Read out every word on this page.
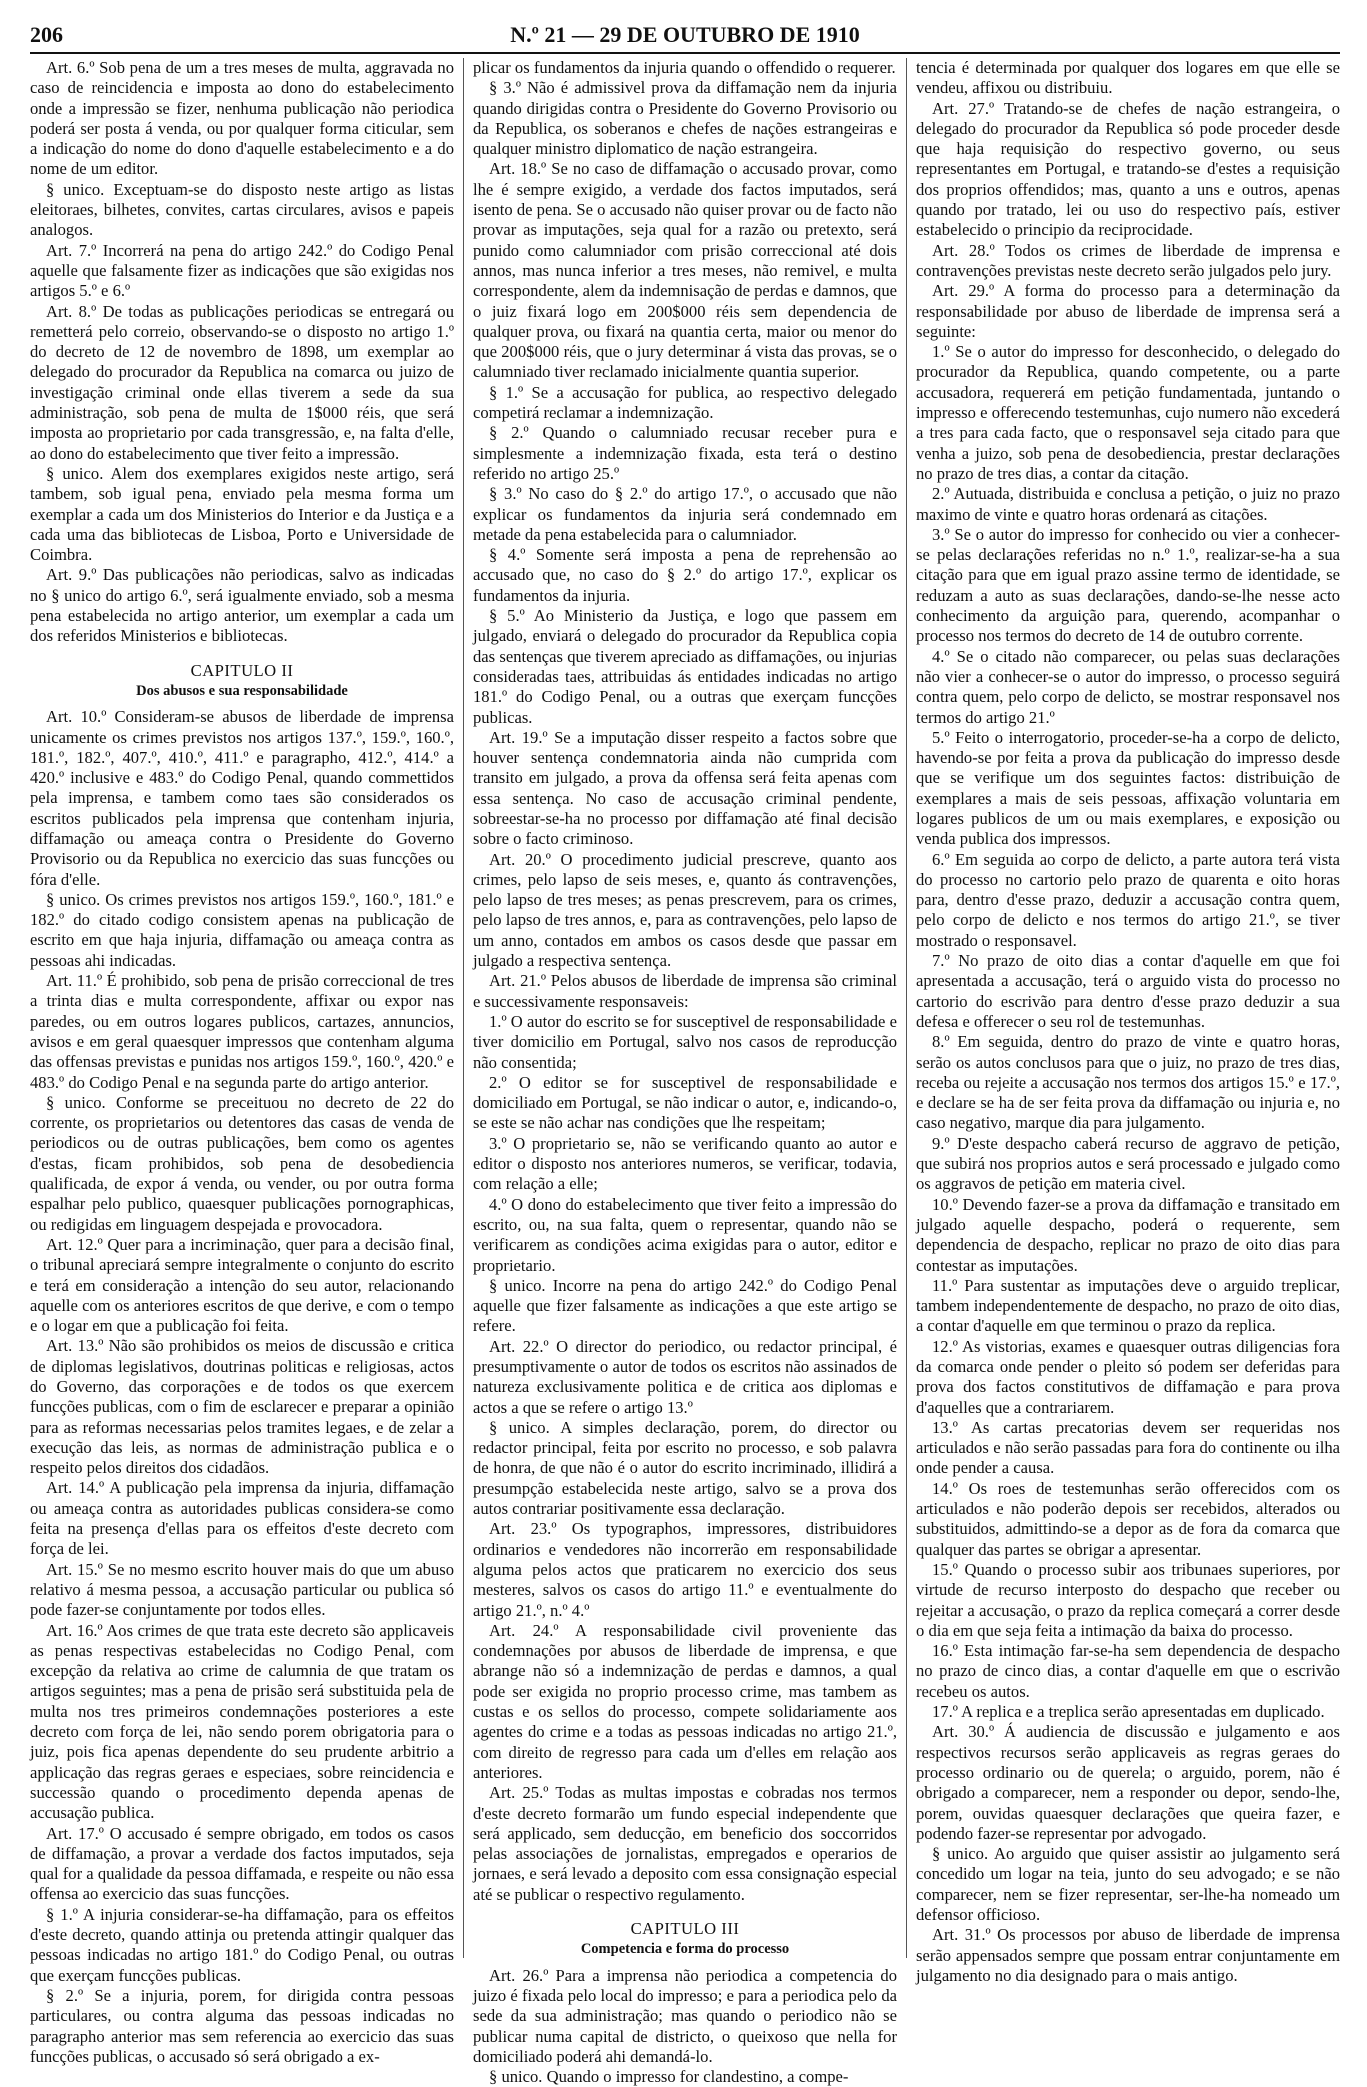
206	N.º 21 — 29 DE OUTUBRO DE 1910

Art. 6.º Sob pena de um a tres meses de multa, aggravada no caso de reincidencia e imposta ao dono do estabelecimento onde a impressão se fizer, nenhuma publicação não periodica poderá ser posta á venda, ou por qualquer forma citicular, sem a indicação do nome do dono d'aquelle estabelecimento e a do nome de um editor.

§ unico. Exceptuam-se do disposto neste artigo as listas eleitoraes, bilhetes, convites, cartas circulares, avisos e papeis analogos.

Art. 7.º Incorrerá na pena do artigo 242.º do Codigo Penal aquelle que falsamente fizer as indicações que são exigidas nos artigos 5.º e 6.º

Art. 8.º De todas as publicações periodicas se entregará ou remetterá pelo correio, observando-se o disposto no artigo 1.º do decreto de 12 de novembro de 1898, um exemplar ao delegado do procurador da Republica na comarca ou juizo de investigação criminal onde ellas tiverem a sede da sua administração, sob pena de multa de 1$000 réis, que será imposta ao proprietario por cada transgressão, e, na falta d'elle, ao dono do estabelecimento que tiver feito a impressão.

§ unico. Alem dos exemplares exigidos neste artigo, será tambem, sob igual pena, enviado pela mesma forma um exemplar a cada um dos Ministerios do Interior e da Justiça e a cada uma das bibliotecas de Lisboa, Porto e Universidade de Coimbra.

Art. 9.º Das publicações não periodicas, salvo as indicadas no § unico do artigo 6.º, será igualmente enviado, sob a mesma pena estabelecida no artigo anterior, um exemplar a cada um dos referidos Ministerios e bibliotecas.

CAPITULO II

Dos abusos e sua responsabilidade

Art. 10.º Consideram-se abusos de liberdade de imprensa unicamente os crimes previstos nos artigos 137.º, 159.º, 160.º, 181.º, 182.º, 407.º, 410.º, 411.º e paragrapho, 412.º, 414.º a 420.º inclusive e 483.º do Codigo Penal, quando commettidos pela imprensa, e tambem como taes são considerados os escritos publicados pela imprensa que contenham injuria, diffamação ou ameaça contra o Presidente do Governo Provisorio ou da Republica no exercicio das suas funcções ou fóra d'elle.

§ unico. Os crimes previstos nos artigos 159.º, 160.º, 181.º e 182.º do citado codigo consistem apenas na publicação de escrito em que haja injuria, diffamação ou ameaça contra as pessoas ahi indicadas.

Art. 11.º É prohibido, sob pena de prisão correccional de tres a trinta dias e multa correspondente, affixar ou expor nas paredes, ou em outros logares publicos, cartazes, annuncios, avisos e em geral quaesquer impressos que contenham alguma das offensas previstas e punidas nos artigos 159.º, 160.º, 420.º e 483.º do Codigo Penal e na segunda parte do artigo anterior.

§ unico. Conforme se preceituou no decreto de 22 do corrente, os proprietarios ou detentores das casas de venda de periodicos ou de outras publicações, bem como os agentes d'estas, ficam prohibidos, sob pena de desobediencia qualificada, de expor á venda, ou vender, ou por outra forma espalhar pelo publico, quaesquer publicações pornographicas, ou redigidas em linguagem despejada e provocadora.

Art. 12.º Quer para a incriminação, quer para a decisão final, o tribunal apreciará sempre integralmente o conjunto do escrito e terá em consideração a intenção do seu autor, relacionando aquelle com os anteriores escritos de que derive, e com o tempo e o logar em que a publicação foi feita.

Art. 13.º Não são prohibidos os meios de discussão e critica de diplomas legislativos, doutrinas politicas e religiosas, actos do Governo, das corporações e de todos os que exercem funcções publicas, com o fim de esclarecer e preparar a opinião para as reformas necessarias pelos tramites legaes, e de zelar a execução das leis, as normas de administração publica e o respeito pelos direitos dos cidadãos.

Art. 14.º A publicação pela imprensa da injuria, diffamação ou ameaça contra as autoridades publicas considera-se como feita na presença d'ellas para os effeitos d'este decreto com força de lei.

Art. 15.º Se no mesmo escrito houver mais do que um abuso relativo á mesma pessoa, a accusação particular ou publica só pode fazer-se conjuntamente por todos elles.

Art. 16.º Aos crimes de que trata este decreto são applicaveis as penas respectivas estabelecidas no Codigo Penal, com excepção da relativa ao crime de calumnia de que tratam os artigos seguintes; mas a pena de prisão será substituida pela de multa nos tres primeiros condemnações posteriores a este decreto com força de lei, não sendo porem obrigatoria para o juiz, pois fica apenas dependente do seu prudente arbitrio a applicação das regras geraes e especiaes, sobre reincidencia e successão quando o procedimento dependa apenas de accusação publica.

Art. 17.º O accusado é sempre obrigado, em todos os casos de diffamação, a provar a verdade dos factos imputados, seja qual for a qualidade da pessoa diffamada, e respeite ou não essa offensa ao exercicio das suas funcções.

§ 1.º A injuria considerar-se-ha diffamação, para os effeitos d'este decreto, quando attinja ou pretenda attingir qualquer das pessoas indicadas no artigo 181.º do Codigo Penal, ou outras que exerçam funcções publicas.

§ 2.º Se a injuria, porem, for dirigida contra pessoas particulares, ou contra alguma das pessoas indicadas no paragrapho anterior mas sem referencia ao exercicio das suas funcções publicas, o accusado só será obrigado a ex-

plicar os fundamentos da injuria quando o offendido o requerer.

§ 3.º Não é admissivel prova da diffamação nem da injuria quando dirigidas contra o Presidente do Governo Provisorio ou da Republica, os soberanos e chefes de nações estrangeiras e qualquer ministro diplomatico de nação estrangeira.

Art. 18.º Se no caso de diffamação o accusado provar, como lhe é sempre exigido, a verdade dos factos imputados, será isento de pena. Se o accusado não quiser provar ou de facto não provar as imputações, seja qual for a razão ou pretexto, será punido como calumniador com prisão correccional até dois annos, mas nunca inferior a tres meses, não remivel, e multa correspondente, alem da indemnisação de perdas e damnos, que o juiz fixará logo em 200$000 réis sem dependencia de qualquer prova, ou fixará na quantia certa, maior ou menor do que 200$000 réis, que o jury determinar á vista das provas, se o calumniado tiver reclamado inicialmente quantia superior.

§ 1.º Se a accusação for publica, ao respectivo delegado competirá reclamar a indemnização.

§ 2.º Quando o calumniado recusar receber pura e simplesmente a indemnização fixada, esta terá o destino referido no artigo 25.º

§ 3.º No caso do § 2.º do artigo 17.º, o accusado que não explicar os fundamentos da injuria será condemnado em metade da pena estabelecida para o calumniador.

§ 4.º Somente será imposta a pena de reprehensão ao accusado que, no caso do § 2.º do artigo 17.º, explicar os fundamentos da injuria.

§ 5.º Ao Ministerio da Justiça, e logo que passem em julgado, enviará o delegado do procurador da Republica copia das sentenças que tiverem apreciado as diffamações, ou injurias consideradas taes, attribuidas ás entidades indicadas no artigo 181.º do Codigo Penal, ou a outras que exerçam funcções publicas.

Art. 19.º Se a imputação disser respeito a factos sobre que houver sentença condemnatoria ainda não cumprida com transito em julgado, a prova da offensa será feita apenas com essa sentença. No caso de accusação criminal pendente, sobreestar-se-ha no processo por diffamação até final decisão sobre o facto criminoso.

Art. 20.º O procedimento judicial prescreve, quanto aos crimes, pelo lapso de seis meses, e, quanto ás contravenções, pelo lapso de tres meses; as penas prescrevem, para os crimes, pelo lapso de tres annos, e, para as contravenções, pelo lapso de um anno, contados em ambos os casos desde que passar em julgado a respectiva sentença.

Art. 21.º Pelos abusos de liberdade de imprensa são criminal e successivamente responsaveis:

1.º O autor do escrito se for susceptivel de responsabilidade e tiver domicilio em Portugal, salvo nos casos de reproducção não consentida;

2.º O editor se for susceptivel de responsabilidade e domiciliado em Portugal, se não indicar o autor, e, indicando-o, se este se não achar nas condições que lhe respeitam;

3.º O proprietario se, não se verificando quanto ao autor e editor o disposto nos anteriores numeros, se verificar, todavia, com relação a elle;

4.º O dono do estabelecimento que tiver feito a impressão do escrito, ou, na sua falta, quem o representar, quando não se verificarem as condições acima exigidas para o autor, editor e proprietario.

§ unico. Incorre na pena do artigo 242.º do Codigo Penal aquelle que fizer falsamente as indicações a que este artigo se refere.

Art. 22.º O director do periodico, ou redactor principal, é presumptivamente o autor de todos os escritos não assinados de natureza exclusivamente politica e de critica aos diplomas e actos a que se refere o artigo 13.º

§ unico. A simples declaração, porem, do director ou redactor principal, feita por escrito no processo, e sob palavra de honra, de que não é o autor do escrito incriminado, illidirá a presumpção estabelecida neste artigo, salvo se a prova dos autos contrariar positivamente essa declaração.

Art. 23.º Os typographos, impressores, distribuidores ordinarios e vendedores não incorrerão em responsabilidade alguma pelos actos que praticarem no exercicio dos seus mesteres, salvos os casos do artigo 11.º e eventualmente do artigo 21.º, n.º 4.º

Art. 24.º A responsabilidade civil proveniente das condemnações por abusos de liberdade de imprensa, e que abrange não só a indemnização de perdas e damnos, a qual pode ser exigida no proprio processo crime, mas tambem as custas e os sellos do processo, compete solidariamente aos agentes do crime e a todas as pessoas indicadas no artigo 21.º, com direito de regresso para cada um d'elles em relação aos anteriores.

Art. 25.º Todas as multas impostas e cobradas nos termos d'este decreto formarão um fundo especial independente que será applicado, sem deducção, em beneficio dos soccorridos pelas associações de jornalistas, empregados e operarios de jornaes, e será levado a deposito com essa consignação especial até se publicar o respectivo regulamento.

CAPITULO III

Competencia e forma do processo

Art. 26.º Para a imprensa não periodica a competencia do juizo é fixada pelo local do impresso; e para a periodica pelo da sede da sua administração; mas quando o periodico não se publicar numa capital de districto, o queixoso que nella for domiciliado poderá ahi demandá-lo.

§ unico. Quando o impresso for clandestino, a compe-

tencia é determinada por qualquer dos logares em que elle se vendeu, affixou ou distribuiu.

Art. 27.º Tratando-se de chefes de nação estrangeira, o delegado do procurador da Republica só pode proceder desde que haja requisição do respectivo governo, ou seus representantes em Portugal, e tratando-se d'estes a requisição dos proprios offendidos; mas, quanto a uns e outros, apenas quando por tratado, lei ou uso do respectivo país, estiver estabelecido o principio da reciprocidade.

Art. 28.º Todos os crimes de liberdade de imprensa e contravenções previstas neste decreto serão julgados pelo jury.

Art. 29.º A forma do processo para a determinação da responsabilidade por abuso de liberdade de imprensa será a seguinte:

1.º Se o autor do impresso for desconhecido, o delegado do procurador da Republica, quando competente, ou a parte accusadora, requererá em petição fundamentada, juntando o impresso e offerecendo testemunhas, cujo numero não excederá a tres para cada facto, que o responsavel seja citado para que venha a juizo, sob pena de desobediencia, prestar declarações no prazo de tres dias, a contar da citação.

2.º Autuada, distribuida e conclusa a petição, o juiz no prazo maximo de vinte e quatro horas ordenará as citações.

3.º Se o autor do impresso for conhecido ou vier a conhecer-se pelas declarações referidas no n.º 1.º, realizar-se-ha a sua citação para que em igual prazo assine termo de identidade, se reduzam a auto as suas declarações, dando-se-lhe nesse acto conhecimento da arguição para, querendo, acompanhar o processo nos termos do decreto de 14 de outubro corrente.

4.º Se o citado não comparecer, ou pelas suas declarações não vier a conhecer-se o autor do impresso, o processo seguirá contra quem, pelo corpo de delicto, se mostrar responsavel nos termos do artigo 21.º

5.º Feito o interrogatorio, proceder-se-ha a corpo de delicto, havendo-se por feita a prova da publicação do impresso desde que se verifique um dos seguintes factos: distribuição de exemplares a mais de seis pessoas, affixação voluntaria em logares publicos de um ou mais exemplares, e exposição ou venda publica dos impressos.

6.º Em seguida ao corpo de delicto, a parte autora terá vista do processo no cartorio pelo prazo de quarenta e oito horas para, dentro d'esse prazo, deduzir a accusação contra quem, pelo corpo de delicto e nos termos do artigo 21.º, se tiver mostrado o responsavel.

7.º No prazo de oito dias a contar d'aquelle em que foi apresentada a accusação, terá o arguido vista do processo no cartorio do escrivão para dentro d'esse prazo deduzir a sua defesa e offerecer o seu rol de testemunhas.

8.º Em seguida, dentro do prazo de vinte e quatro horas, serão os autos conclusos para que o juiz, no prazo de tres dias, receba ou rejeite a accusação nos termos dos artigos 15.º e 17.º, e declare se ha de ser feita prova da diffamação ou injuria e, no caso negativo, marque dia para julgamento.

9.º D'este despacho caberá recurso de aggravo de petição, que subirá nos proprios autos e será processado e julgado como os aggravos de petição em materia civel.

10.º Devendo fazer-se a prova da diffamação e transitado em julgado aquelle despacho, poderá o requerente, sem dependencia de despacho, replicar no prazo de oito dias para contestar as imputações.

11.º Para sustentar as imputações deve o arguido treplicar, tambem independentemente de despacho, no prazo de oito dias, a contar d'aquelle em que terminou o prazo da replica.

12.º As vistorias, exames e quaesquer outras diligencias fora da comarca onde pender o pleito só podem ser deferidas para prova dos factos constitutivos de diffamação e para prova d'aquelles que a contrariarem.

13.º As cartas precatorias devem ser requeridas nos articulados e não serão passadas para fora do continente ou ilha onde pender a causa.

14.º Os roes de testemunhas serão offerecidos com os articulados e não poderão depois ser recebidos, alterados ou substituidos, admittindo-se a depor as de fora da comarca que qualquer das partes se obrigar a apresentar.

15.º Quando o processo subir aos tribunaes superiores, por virtude de recurso interposto do despacho que receber ou rejeitar a accusação, o prazo da replica começará a correr desde o dia em que seja feita a intimação da baixa do processo.

16.º Esta intimação far-se-ha sem dependencia de despacho no prazo de cinco dias, a contar d'aquelle em que o escrivão recebeu os autos.

17.º A replica e a treplica serão apresentadas em duplicado.

Art. 30.º Á audiencia de discussão e julgamento e aos respectivos recursos serão applicaveis as regras geraes do processo ordinario ou de querela; o arguido, porem, não é obrigado a comparecer, nem a responder ou depor, sendo-lhe, porem, ouvidas quaesquer declarações que queira fazer, e podendo fazer-se representar por advogado.

§ unico. Ao arguido que quiser assistir ao julgamento será concedido um logar na teia, junto do seu advogado; e se não comparecer, nem se fizer representar, ser-lhe-ha nomeado um defensor officioso.

Art. 31.º Os processos por abuso de liberdade de imprensa serão appensados sempre que possam entrar conjuntamente em julgamento no dia designado para o mais antigo.
